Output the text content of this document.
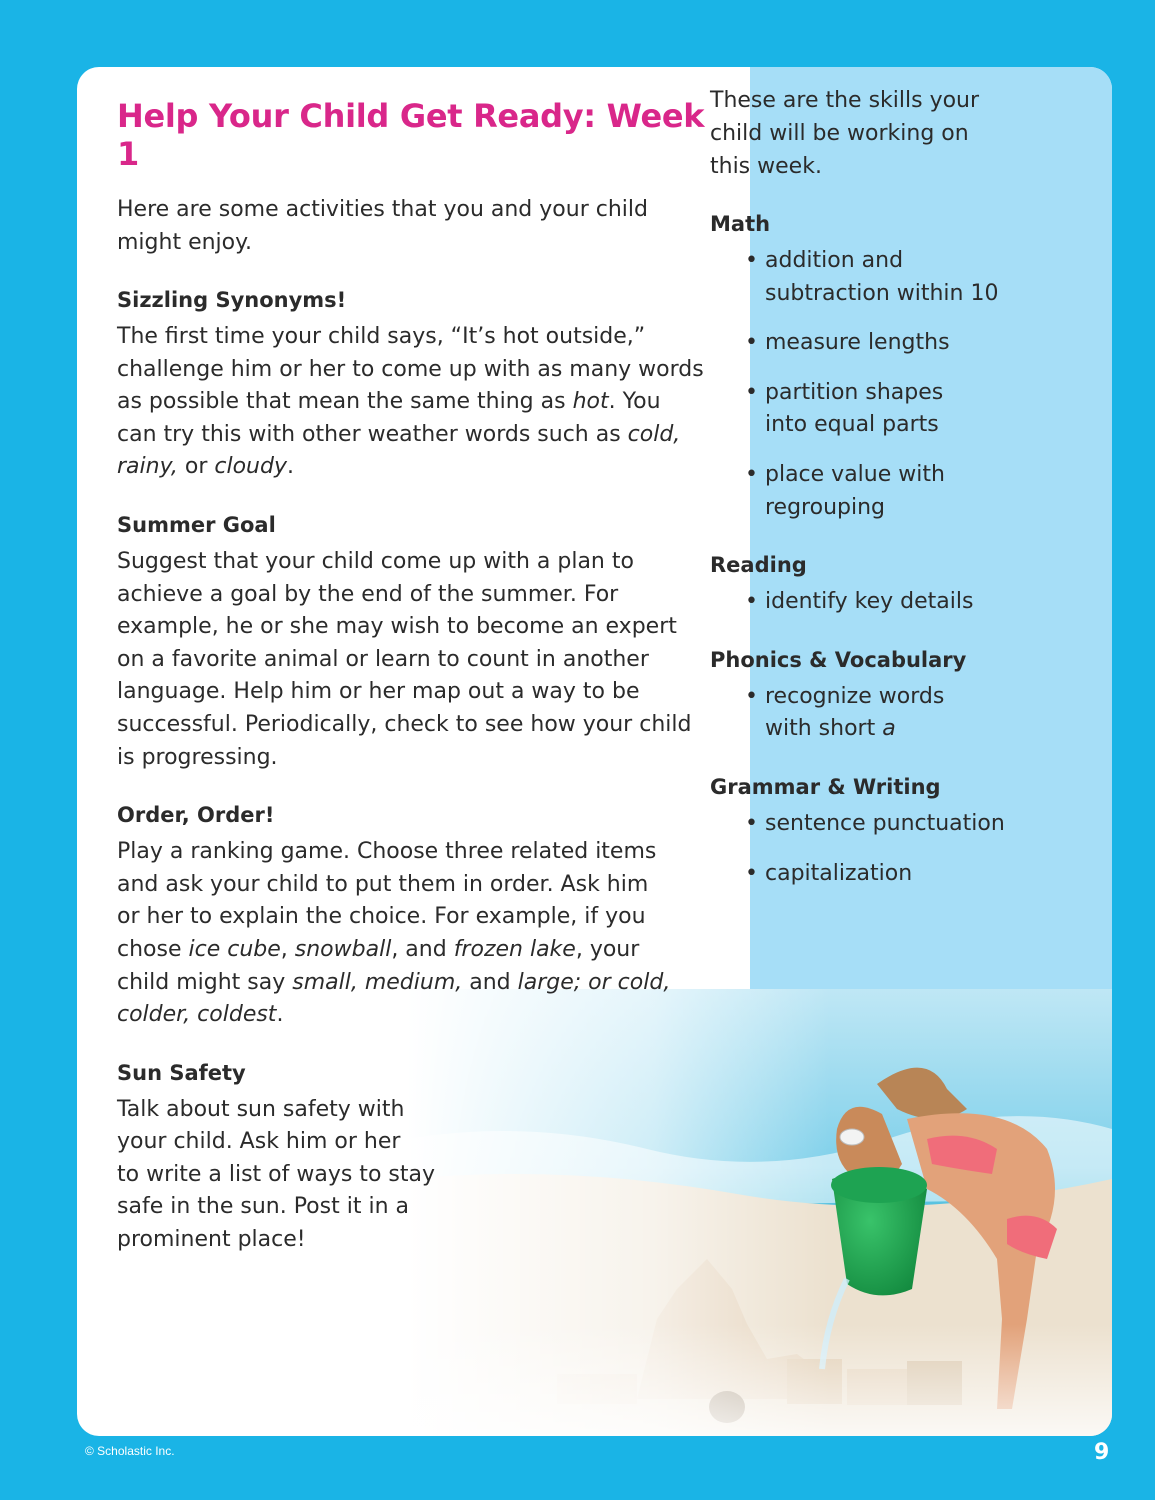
Help Your Child Get Ready: Week 1

Here are some activities that you and your child
might enjoy.

Sizzling Synonyms!

The first time your child says, “It’s hot outside,”
challenge him or her to come up with as many words
as possible that mean the same thing as hot. You
can try this with other weather words such as cold,
rainy, or cloudy.

Summer Goal

Suggest that your child come up with a plan to
achieve a goal by the end of the summer. For
example, he or she may wish to become an expert
on a favorite animal or learn to count in another
language. Help him or her map out a way to be
successful. Periodically, check to see how your child
is progressing.

Order, Order!

Play a ranking game. Choose three related items
and ask your child to put them in order. Ask him
or her to explain the choice. For example, if you
chose ice cube, snowball, and frozen lake, your
child might say small, medium, and large; or cold,
colder, coldest.

Sun Safety

Talk about sun safety with
your child. Ask him or her
to write a list of ways to stay
safe in the sun. Post it in a
prominent place!

These are the skills your
child will be working on
this week.

Math
• addition and
subtraction within 10
• measure lengths
• partition shapes
into equal parts
• place value with
regrouping
Reading
• identify key details
Phonics & Vocabulary
• recognize words
with short a
Grammar & Writing
• sentence punctuation
• capitalization
© Scholastic Inc.	9
